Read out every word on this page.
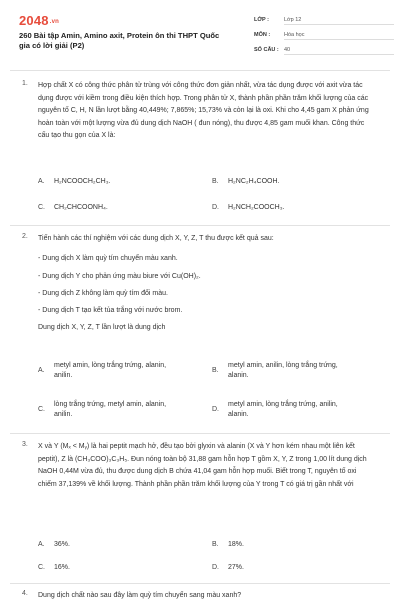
2048.vn
260 Bài tập Amin, Amino axit, Protein ôn thi THPT Quốc gia có lời giải (P2)
LỚP :	Lớp 12
MÔN :	Hóa học
SỐ CÂU : 40
1. Hợp chất X có công thức phân tử trùng với công thức đơn giản nhất, vừa tác dụng được với axit vừa tác dụng được với kiềm trong điều kiện thích hợp. Trong phân tử X, thành phần phần trăm khối lượng của các nguyên tố C, H, N lần lượt bằng 40,449%; 7,865%; 15,73% và còn lại là oxi. Khi cho 4,45 gam X phản ứng hoàn toàn với một lượng vừa đủ dung dịch NaOH ( đun nóng), thu được 4,85 gam muối khan. Công thức cấu tạo thu gọn của X là:
A. H₂NCOOCH₂CH₃.	B. H₂NC₂H₄COOH.
C. CH₂CHCOONH₄.	D. H₂NCH₂COOCH₃.
2. Tiến hành các thí nghiệm với các dung dịch X, Y, Z, T thu được kết quả sau:
- Dung dịch X làm quỳ tím chuyển màu xanh.
- Dung dịch Y cho phản ứng màu biure với Cu(OH)₂.
- Dung dịch Z không làm quỳ tím đổi màu.
- Dung dịch T tạo kết tủa trắng với nước brom.
Dung dịch X, Y, Z, T lần lượt là dung dịch
A.
metyl amin, lòng trắng trứng, alanin, anilin.
B.
metyl amin, anilin, lòng trắng trứng, alanin.
C.
lòng trắng trứng, metyl amin, alanin, anilin.
D.
metyl amin, lòng trắng trứng, anilin, alanin.
3. X và Y (Mₓ < Mᵧ) là hai peptit mạch hở, đều tạo bởi glyxin và alanin (X và Y hơn kém nhau một liên kết peptit), Z là (CH₃COO)₃C₃H₅. Đun nóng toàn bộ 31,88 gam hỗn hợp T gồm X, Y, Z trong 1,00 lít dung dịch NaOH 0,44M vừa đủ, thu được dung dịch B chứa 41,04 gam hỗn hợp muối. Biết trong T, nguyên tố oxi chiếm 37,139% về khối lượng. Thành phần phần trăm khối lượng của Y trong T có giá trị gần nhất với
A. 36%.	B. 18%.
C. 16%.	D. 27%.
4. Dung dịch chất nào sau đây làm quỳ tím chuyển sang màu xanh?
